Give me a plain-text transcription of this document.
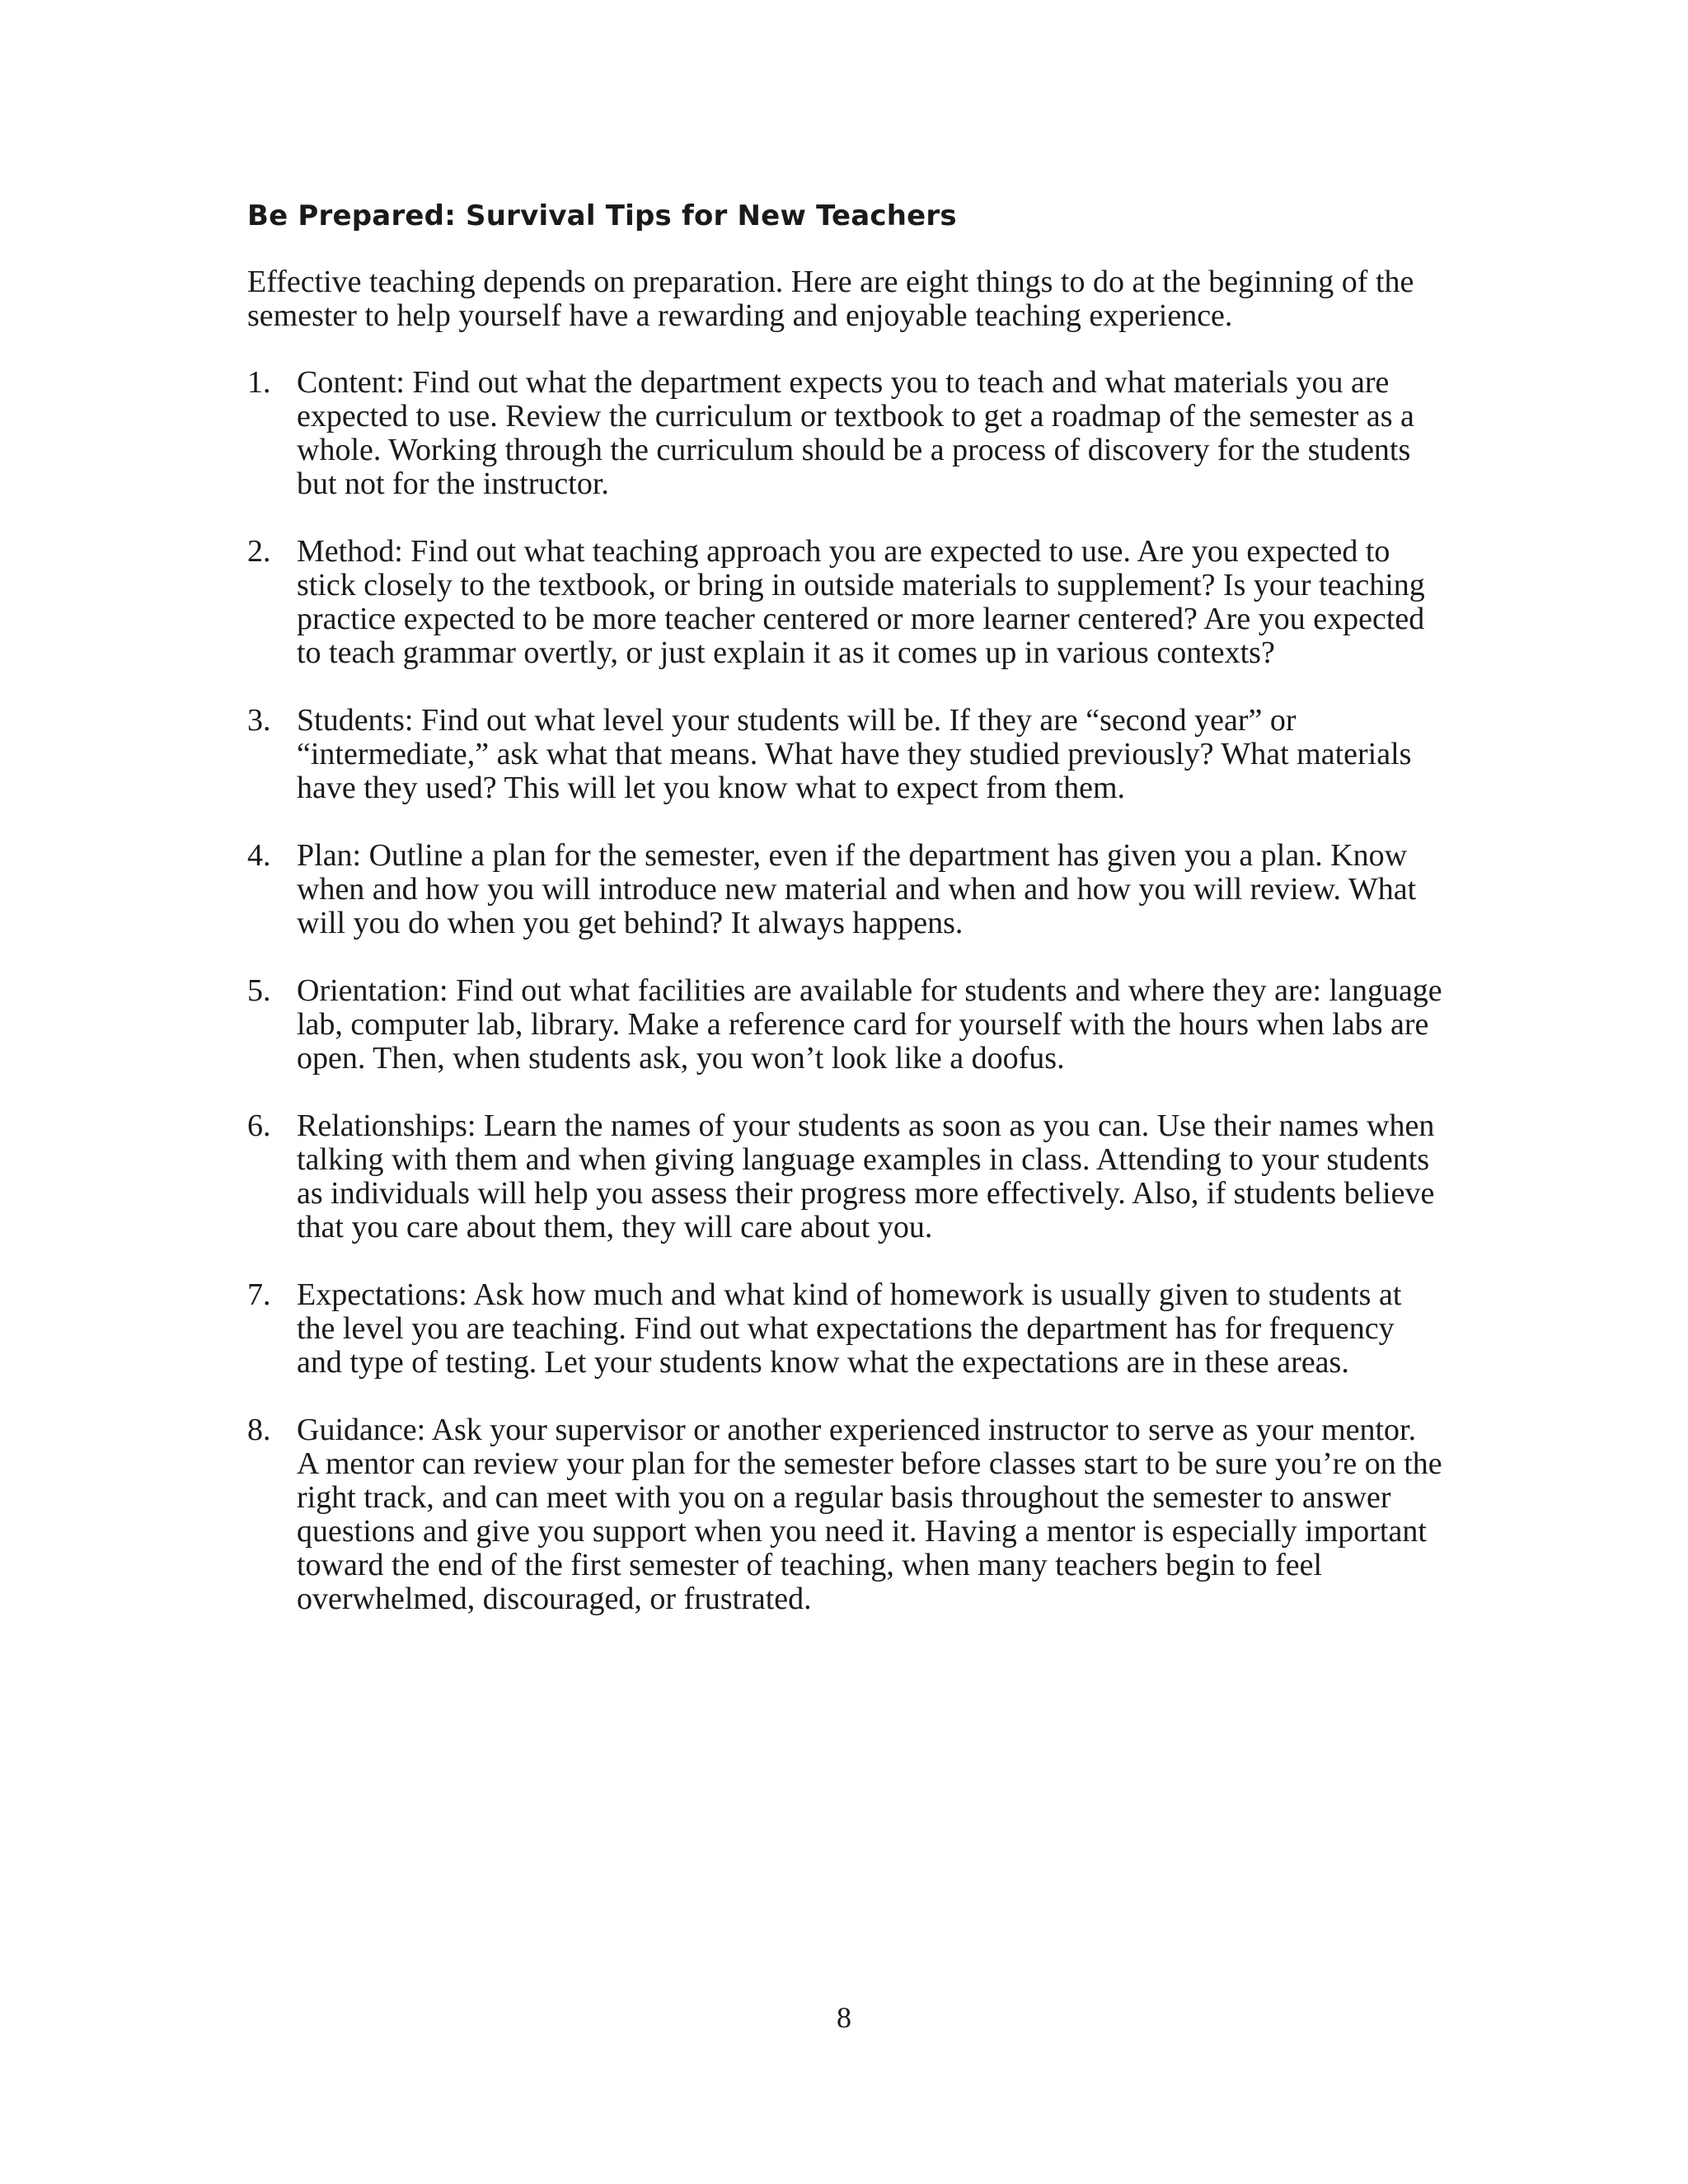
Be Prepared: Survival Tips for New Teachers

Effective teaching depends on preparation. Here are eight things to do at the beginning of the semester to help yourself have a rewarding and enjoyable teaching experience.

1. Content: Find out what the department expects you to teach and what materials you are expected to use. Review the curriculum or textbook to get a roadmap of the semester as a whole. Working through the curriculum should be a process of discovery for the students but not for the instructor.
2. Method: Find out what teaching approach you are expected to use. Are you expected to stick closely to the textbook, or bring in outside materials to supplement? Is your teaching practice expected to be more teacher centered or more learner centered? Are you expected to teach grammar overtly, or just explain it as it comes up in various contexts?
3. Students: Find out what level your students will be. If they are “second year” or “intermediate,” ask what that means. What have they studied previously? What materials have they used? This will let you know what to expect from them.
4. Plan: Outline a plan for the semester, even if the department has given you a plan. Know when and how you will introduce new material and when and how you will review. What will you do when you get behind? It always happens.
5. Orientation: Find out what facilities are available for students and where they are: language lab, computer lab, library. Make a reference card for yourself with the hours when labs are open. Then, when students ask, you won’t look like a doofus.
6. Relationships: Learn the names of your students as soon as you can. Use their names when talking with them and when giving language examples in class. Attending to your students as individuals will help you assess their progress more effectively. Also, if students believe that you care about them, they will care about you.
7. Expectations: Ask how much and what kind of homework is usually given to students at the level you are teaching. Find out what expectations the department has for frequency and type of testing. Let your students know what the expectations are in these areas.
8. Guidance: Ask your supervisor or another experienced instructor to serve as your mentor. A mentor can review your plan for the semester before classes start to be sure you’re on the right track, and can meet with you on a regular basis throughout the semester to answer questions and give you support when you need it. Having a mentor is especially important toward the end of the first semester of teaching, when many teachers begin to feel overwhelmed, discouraged, or frustrated.
8
